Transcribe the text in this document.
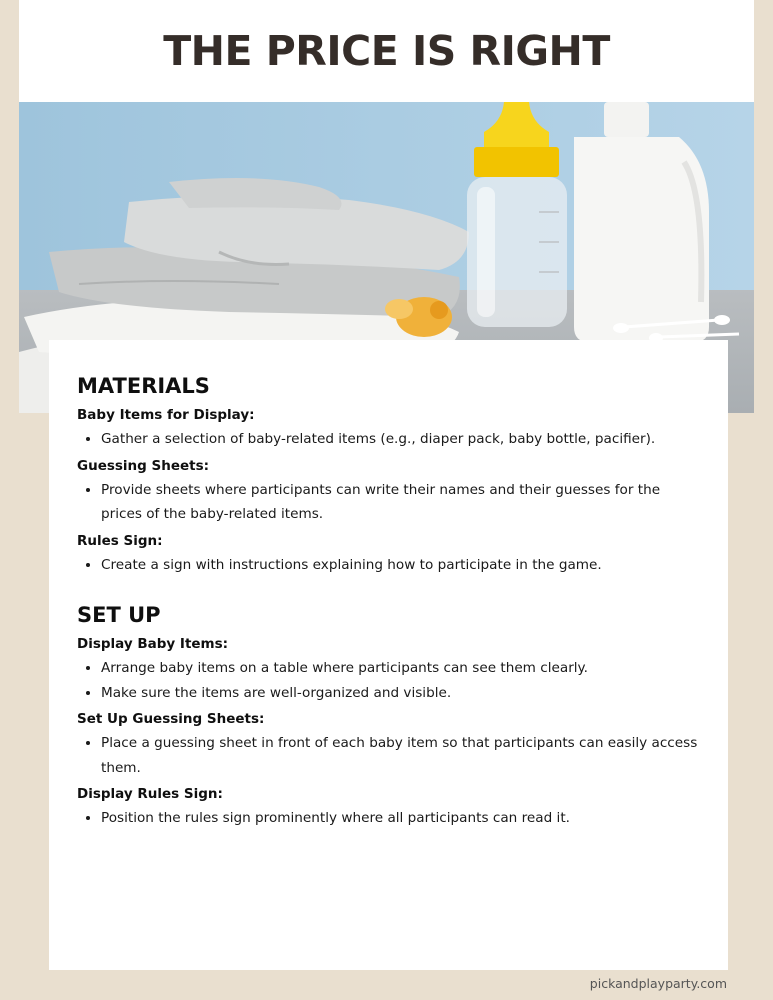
THE PRICE IS RIGHT
MATERIALS

Baby Items for Display:

• Gather a selection of baby-related items (e.g., diaper pack, baby bottle, pacifier).

Guessing Sheets:

• Provide sheets where participants can write their names and their guesses for the prices of the baby-related items.

Rules Sign:

• Create a sign with instructions explaining how to participate in the game.
SET UP

Display Baby Items:

• Arrange baby items on a table where participants can see them clearly.
• Make sure the items are well-organized and visible.

Set Up Guessing Sheets:

• Place a guessing sheet in front of each baby item so that participants can easily access them.

Display Rules Sign:

• Position the rules sign prominently where all participants can read it.

pickandplayparty.com
